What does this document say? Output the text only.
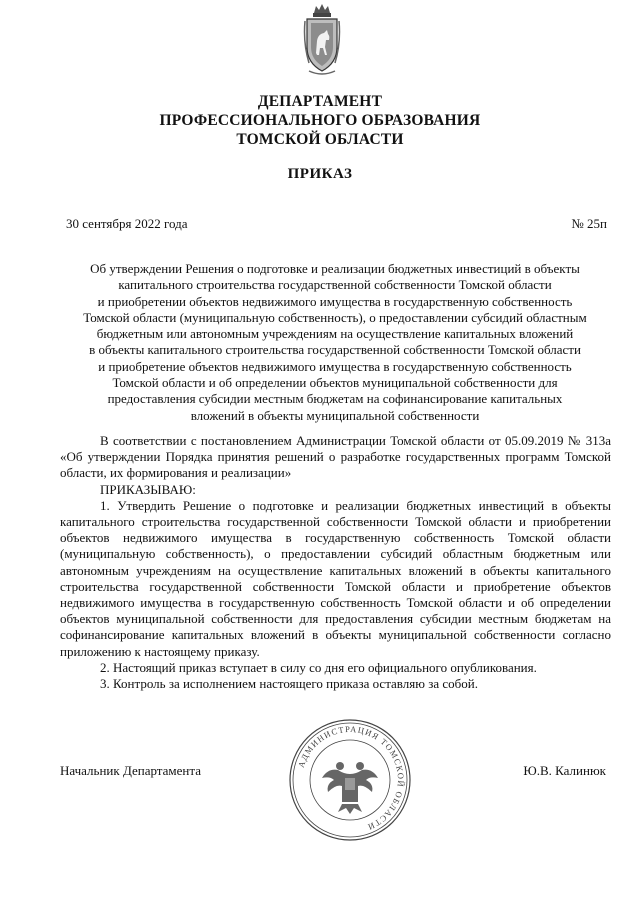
ДЕПАРТАМЕНТ
ПРОФЕССИОНАЛЬНОГО ОБРАЗОВАНИЯ
ТОМСКОЙ ОБЛАСТИ
ПРИКАЗ
30 сентября 2022 года	№ 25п
Об утверждении Решения о подготовке и реализации бюджетных инвестиций в объекты
капитального строительства государственной собственности Томской области
и приобретении объектов недвижимого имущества в государственную собственность
Томской области (муниципальную собственность), о предоставлении субсидий областным
бюджетным или автономным учреждениям на осуществление капитальных вложений
в объекты капитального строительства государственной собственности Томской области
и приобретение объектов недвижимого имущества в государственную собственность
Томской области и об определении объектов муниципальной собственности для
предоставления субсидии местным бюджетам на софинансирование капитальных
вложений в объекты муниципальной собственности

В соответствии с постановлением Администрации Томской области от 05.09.2019 № 313а «Об утверждении Порядка принятия решений о разработке государственных программ Томской области, их формирования и реализации»

ПРИКАЗЫВАЮ:

1. Утвердить Решение о подготовке и реализации бюджетных инвестиций в объекты капитального строительства государственной собственности Томской области и приобретении объектов недвижимого имущества в государственную собственность Томской области (муниципальную собственность), о предоставлении субсидий областным бюджетным или автономным учреждениям на осуществление капитальных вложений в объекты капитального строительства государственной собственности Томской области и приобретение объектов недвижимого имущества в государственную собственность Томской области и об определении объектов муниципальной собственности для предоставления субсидии местным бюджетам на софинансирование капитальных вложений в объекты муниципальной собственности согласно приложению к настоящему приказу.

2. Настоящий приказ вступает в силу со дня его официального опубликования.

3. Контроль за исполнением настоящего приказа оставляю за собой.

Начальник Департамента	Ю.В. Калинюк
АДМИНИСТРАЦИЯ ТОМСКОЙ ОБЛАСТИ
